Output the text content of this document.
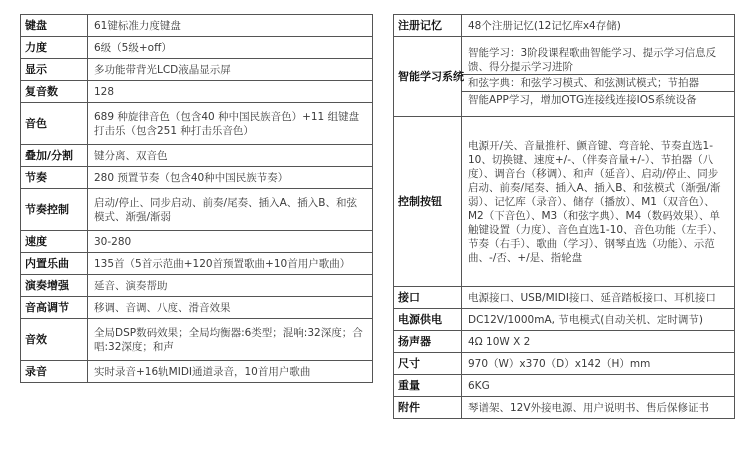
键盘	61键标准力度键盘
力度	6级（5级+off）
显示	多功能带背光LCD液晶显示屏
复音数	128
音色	689 种旋律音色（包含40 种中国民族音色）+11 组键盘打击乐（包含251 种打击乐音色）
叠加/分割	键分离、双音色
节奏	280 预置节奏（包含40种中国民族节奏）
节奏控制	启动/停止、同步启动、前奏/尾奏、插入A、插入B、和弦模式、渐强/渐弱
速度	30-280
内置乐曲	135首（5首示范曲+120首预置歌曲+10首用户歌曲）
演奏增强	延音、演奏帮助
音高调节	移调、音调、八度、滑音效果
音效	全局DSP数码效果；全局均衡器:6类型；混响:32深度；合唱:32深度；和声
录音	实时录音+16轨MIDI通道录音，10首用户歌曲
注册记忆	48个注册记忆(12记忆库x4存储)
智能学习系统	智能学习：3阶段课程歌曲智能学习、提示学习信息反馈、得分提示学习进阶
和弦字典：和弦学习模式、和弦测试模式；节拍器
智能APP学习，增加OTG连接线连接IOS系统设备

控制按钮	电源开/关、音量推杆、颤音键、弯音轮、节奏直选1-10、切换键、速度+/-、（伴奏音量+/-）、节拍器（八度）、调音台（移调）、和声（延音）、启动/停止、同步启动、前奏/尾奏、插入A、插入B、和弦模式（渐强/渐弱）、记忆库（录音）、储存（播放）、M1（双音色）、M2（下音色）、M3（和弦字典）、M4（数码效果）、单触键设置（力度）、音色直选1-10、音色功能（左手）、节奏（右手）、歌曲（学习）、钢琴直选（功能）、示范曲、-/否、+/是、指轮盘
接口	电源接口、USB/MIDI接口、延音踏板接口、耳机接口
电源供电	DC12V/1000mA, 节电模式(自动关机、定时调节)
扬声器	4Ω 10W X 2
尺寸	970（W）x370（D）x142（H）mm
重量	6KG
附件	琴谱架、12V外接电源、用户说明书、售后保修证书
